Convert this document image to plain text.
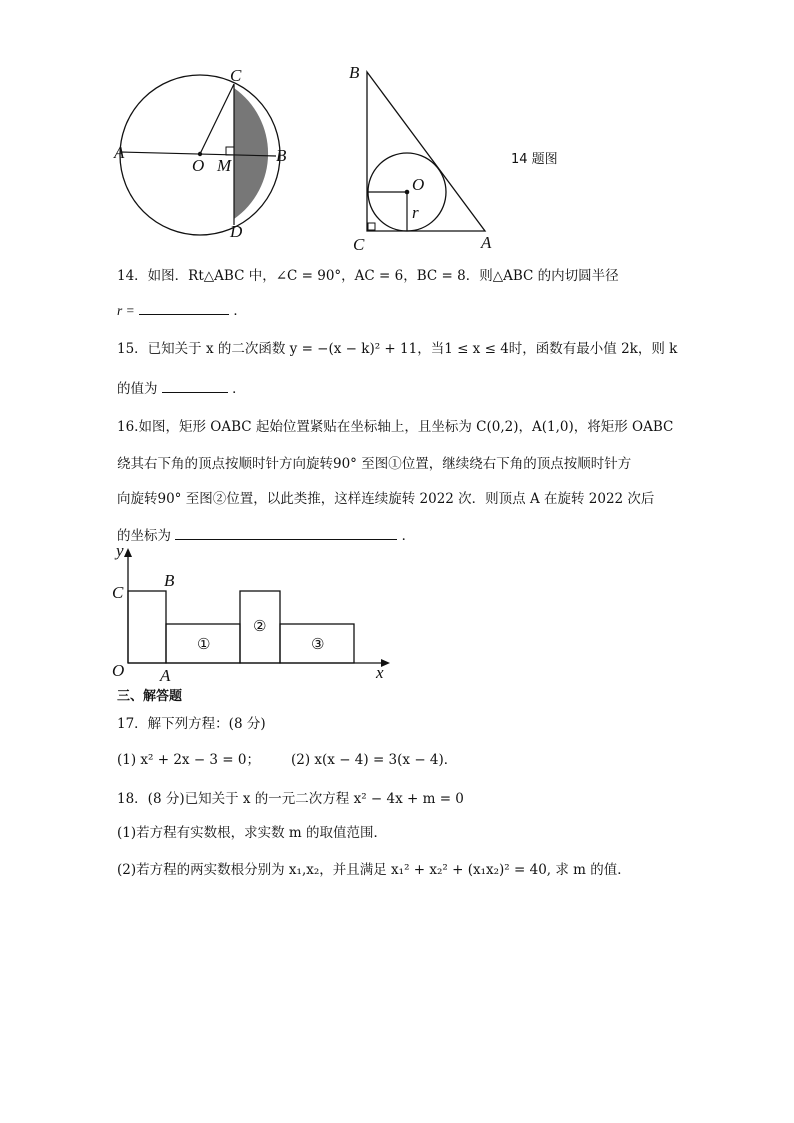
C
A
O M
B
D
B
O
r
C	A
14 题图
14．如图．Rt△ABC 中，∠C = 90°，AC = 6，BC = 8．则△ABC 的内切圆半径
r =	．
15．已知关于 x 的二次函数 y = −(x − k)² + 11，当1 ≤ x ≤ 4时，函数有最小值 2k，则 k
的值为	．
16.如图，矩形 OABC 起始位置紧贴在坐标轴上，且坐标为 C(0,2)，A(1,0)，将矩形 OABC
绕其右下角的顶点按顺时针方向旋转90° 至图①位置，继续绕右下角的顶点按顺时针方
向旋转90° 至图②位置，以此类推，这样连续旋转 2022 次．则顶点 A 在旋转 2022 次后
的坐标为	．
y
C
B
O A	x
①
②
③
三、解答题
17．解下列方程：(8 分)
(1) x² + 2x − 3 = 0； (2) x(x − 4) = 3(x − 4)．
18．(8 分)已知关于 x 的一元二次方程 x² − 4x + m = 0
(1)若方程有实数根，求实数 m 的取值范围．
(2)若方程的两实数根分别为 x₁,x₂，并且满足 x₁² + x₂² + (x₁x₂)² = 40, 求 m 的值．
